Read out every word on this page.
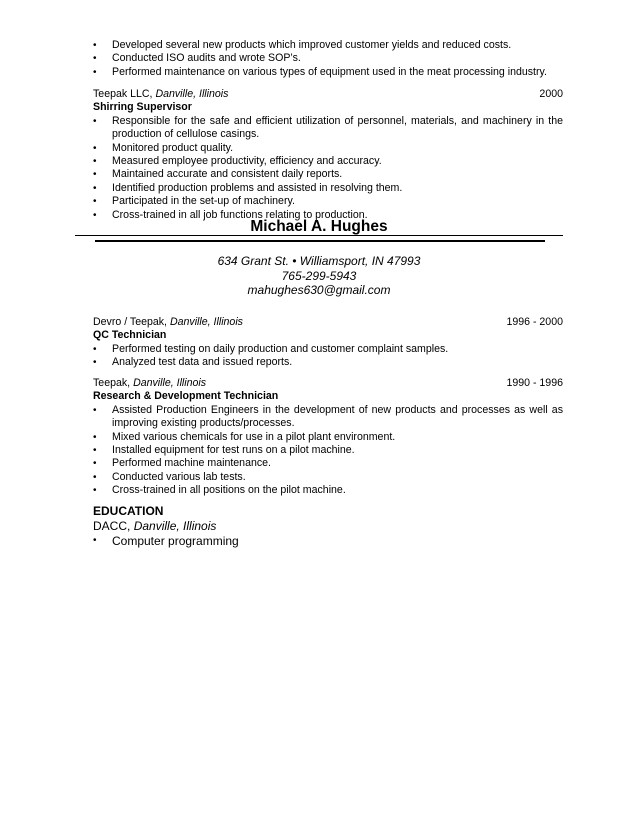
• Developed several new products which improved customer yields and reduced costs.
• Conducted ISO audits and wrote SOP’s.
• Performed maintenance on various types of equipment used in the meat processing industry.
Teepak LLC, Danville, Illinois	2000
Shirring Supervisor
• Responsible for the safe and efficient utilization of personnel, materials, and machinery in the production of cellulose casings.
• Monitored product quality.
• Measured employee productivity, efficiency and accuracy.
• Maintained accurate and consistent daily reports.
• Identified production problems and assisted in resolving them.
• Participated in the set-up of machinery.
• Cross-trained in all job functions relating to production.
Michael A. Hughes
634 Grant St. • Williamsport, IN 47993
765-299-5943
mahughes630@gmail.com
Devro / Teepak, Danville, Illinois	1996 - 2000
QC Technician
• Performed testing on daily production and customer complaint samples.
• Analyzed test data and issued reports.
Teepak, Danville, Illinois	1990 - 1996
Research & Development Technician
• Assisted Production Engineers in the development of new products and processes as well as improving existing products/processes.
• Mixed various chemicals for use in a pilot plant environment.
• Installed equipment for test runs on a pilot machine.
• Performed machine maintenance.
• Conducted various lab tests.
• Cross-trained in all positions on the pilot machine.
EDUCATION
DACC, Danville, Illinois
• Computer programming
